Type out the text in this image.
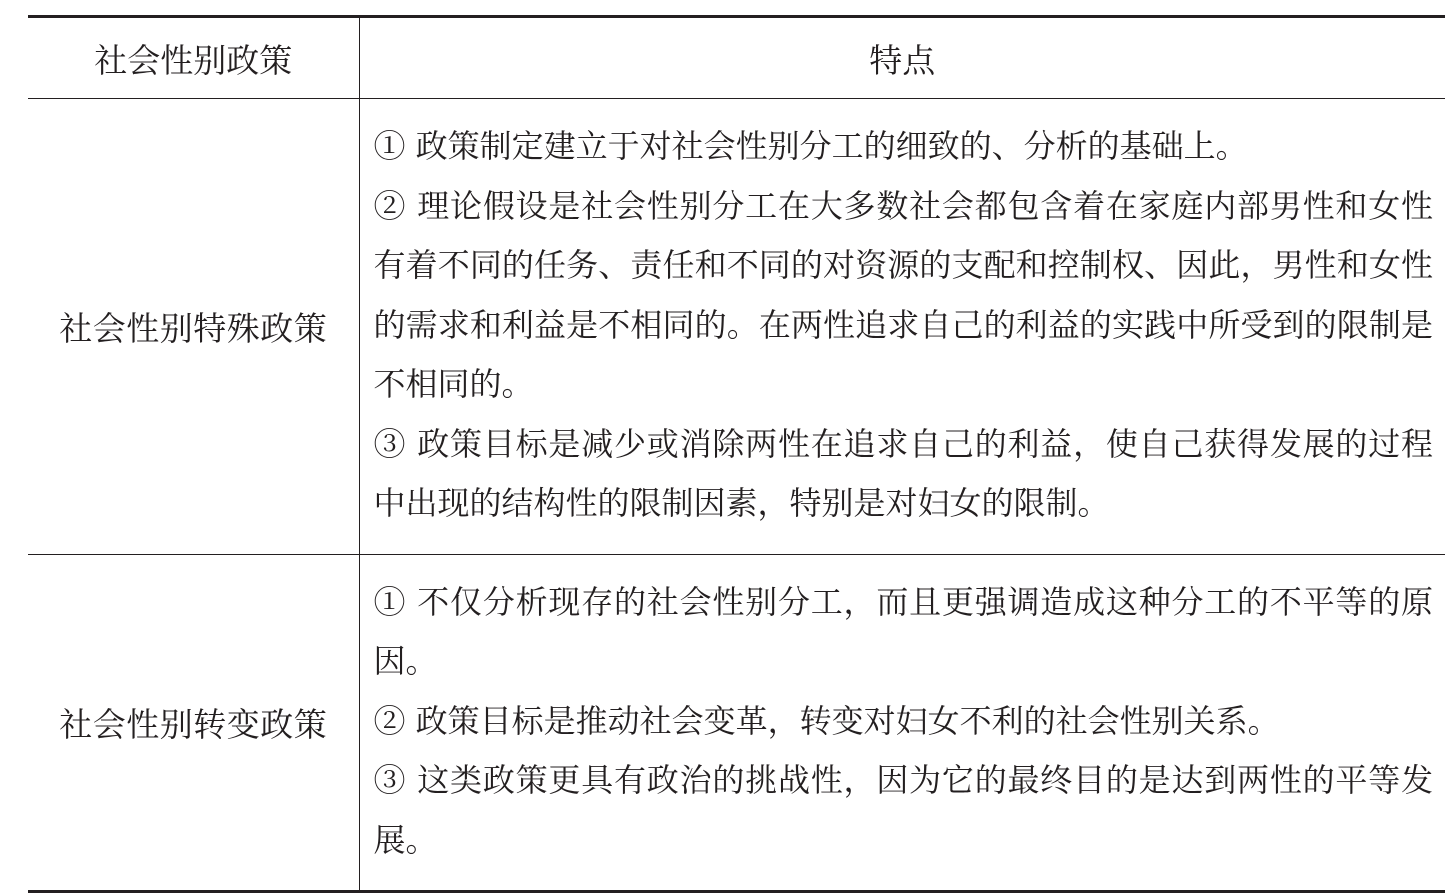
社会性别政策	特点
社会性别特殊政策	① 政策制定建立于对社会性别分工的细致的、分析的基础上。

② 理论假设是社会性别分工在大多数社会都包含着在家庭内部男性和女性有着不同的任务、责任和不同的对资源的支配和控制权、因此，男性和女性的需求和利益是不相同的。在两性追求自己的利益的实践中所受到的限制是不相同的。

③ 政策目标是减少或消除两性在追求自己的利益，使自己获得发展的过程中出现的结构性的限制因素，特别是对妇女的限制。

社会性别转变政策	① 不仅分析现存的社会性别分工，而且更强调造成这种分工的不平等的原因。

② 政策目标是推动社会变革，转变对妇女不利的社会性别关系。

③ 这类政策更具有政治的挑战性，因为它的最终目的是达到两性的平等发展。
